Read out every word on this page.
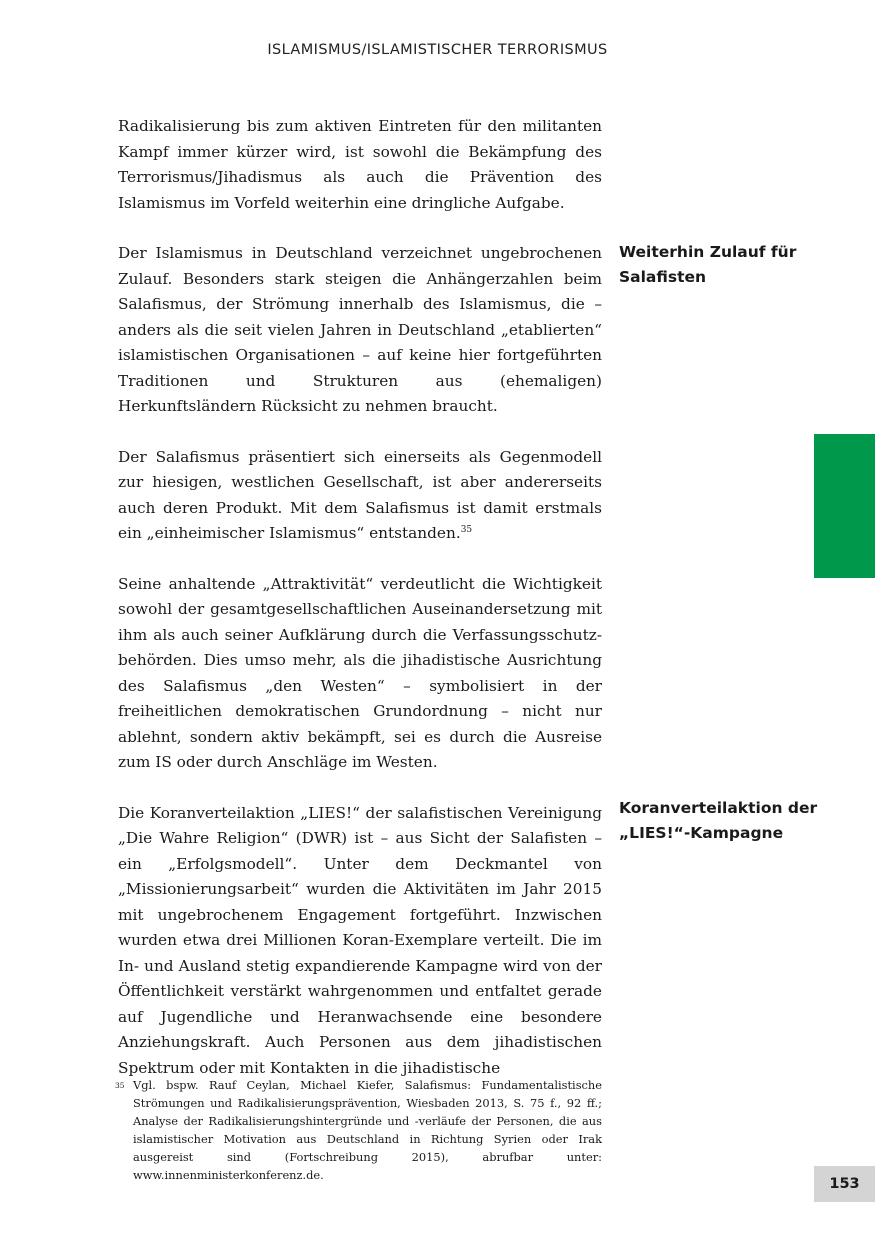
ISLAMISMUS/ISLAMISTISCHER TERRORISMUS

Radikalisierung bis zum aktiven Eintreten für den militanten Kampf immer kürzer wird, ist sowohl die Bekämpfung des Terrorismus/Jihadismus als auch die Prävention des Islamismus im Vorfeld weiterhin eine dringliche Aufgabe.

Der Islamismus in Deutschland verzeichnet ungebrochenen Zulauf. Besonders stark steigen die Anhängerzahlen beim Salafismus, der Strömung innerhalb des Islamismus, die – anders als die seit vielen Jahren in Deutschland „etablierten“ islamistischen Organisationen – auf keine hier fortgeführten Traditionen und Strukturen aus (ehemaligen) Herkunftsländern Rücksicht zu nehmen braucht.

Der Salafismus präsentiert sich einerseits als Gegenmodell zur hiesigen, westlichen Gesellschaft, ist aber andererseits auch deren Produkt. Mit dem Salafismus ist damit erstmals ein „einheimischer Islamismus“ entstanden.$^{35}$

Seine anhaltende „Attraktivität“ verdeutlicht die Wichtigkeit sowohl der gesamtgesellschaftlichen Auseinandersetzung mit ihm als auch seiner Aufklärung durch die Verfassungsschutzbehörden. Dies umso mehr, als die jihadistische Ausrichtung des Salafismus „den Westen“ – symbolisiert in der freiheitlichen demokratischen Grundordnung – nicht nur ablehnt, sondern aktiv bekämpft, sei es durch die Ausreise zum IS oder durch Anschläge im Westen.

Die Koranverteilaktion „LIES!“ der salafistischen Vereinigung „Die Wahre Religion“ (DWR) ist – aus Sicht der Salafisten – ein „Erfolgsmodell“. Unter dem Deckmantel von „Missionierungsarbeit“ wurden die Aktivitäten im Jahr 2015 mit ungebrochenem Engagement fortgeführt. Inzwischen wurden etwa drei Millionen Koran-Exemplare verteilt. Die im In- und Ausland stetig expandierende Kampagne wird von der Öffentlichkeit verstärkt wahrgenommen und entfaltet gerade auf Jugendliche und Heranwachsende eine besondere Anziehungskraft. Auch Personen aus dem jihadistischen Spektrum oder mit Kontakten in die jihadistische

Weiterhin Zulauf für Salafisten
Koranverteilaktion der „LIES!“-Kampagne
35 Vgl. bspw. Rauf Ceylan, Michael Kiefer, Salafismus: Fundamentalistische Strömungen und Radikalisierungsprävention, Wiesbaden 2013, S. 75 f., 92 ff.; Analyse der Radikalisierungshintergründe und -verläufe der Personen, die aus islamistischer Motivation aus Deutschland in Richtung Syrien oder Irak ausgereist sind (Fortschreibung 2015), abrufbar unter: www.innenministerkonferenz.de.
153
